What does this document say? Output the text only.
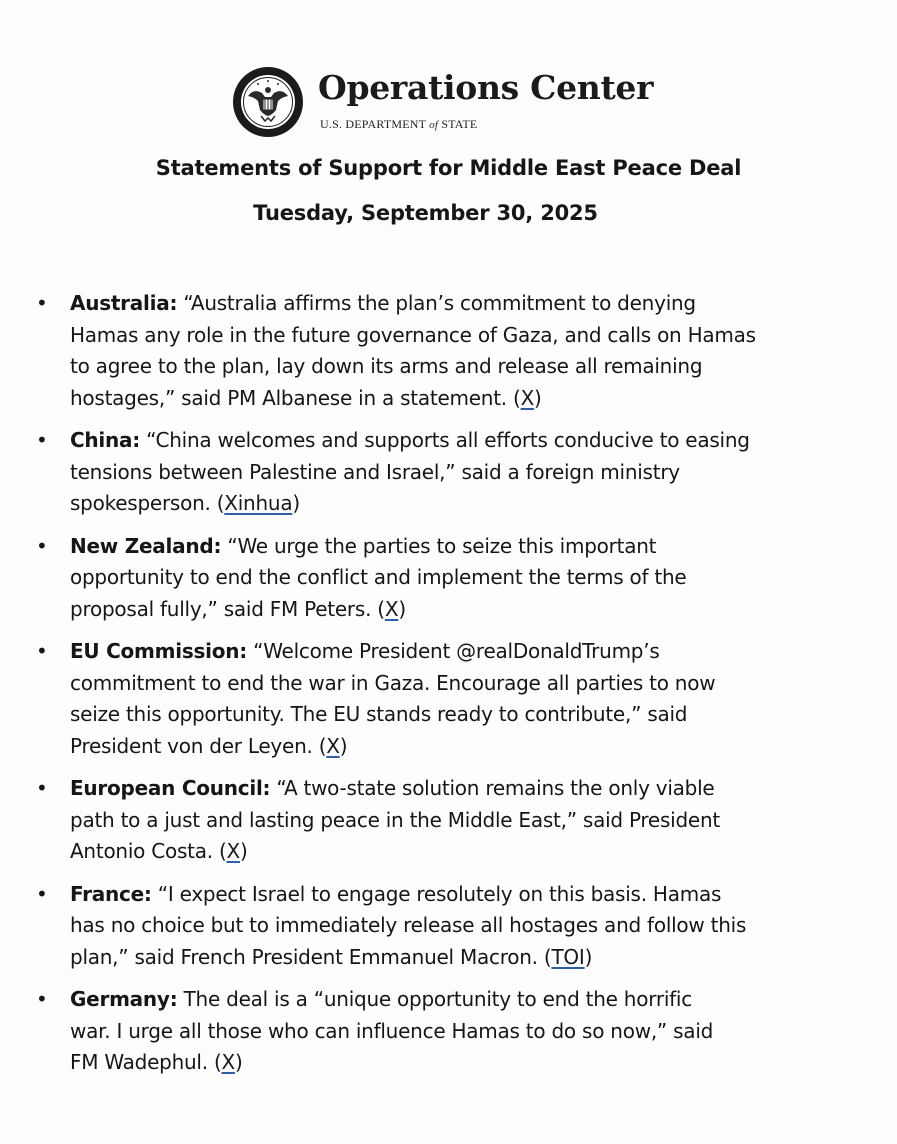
Operations Center
U.S. DEPARTMENT of STATE
Statements of Support for Middle East Peace Deal
Tuesday, September 30, 2025
• Australia: “Australia affirms the plan’s commitment to denying
Hamas any role in the future governance of Gaza, and calls on Hamas
to agree to the plan, lay down its arms and release all remaining
hostages,” said PM Albanese in a statement. (X)
• China: “China welcomes and supports all efforts conducive to easing
tensions between Palestine and Israel,” said a foreign ministry
spokesperson. (Xinhua)
• New Zealand: “We urge the parties to seize this important
opportunity to end the conflict and implement the terms of the
proposal fully,” said FM Peters. (X)
• EU Commission: “Welcome President @realDonaldTrump’s
commitment to end the war in Gaza. Encourage all parties to now
seize this opportunity. The EU stands ready to contribute,” said
President von der Leyen. (X)
• European Council: “A two-state solution remains the only viable
path to a just and lasting peace in the Middle East,” said President
Antonio Costa. (X)
• France: “I expect Israel to engage resolutely on this basis. Hamas
has no choice but to immediately release all hostages and follow this
plan,” said French President Emmanuel Macron. (TOI)
• Germany: The deal is a “unique opportunity to end the horrific
war. I urge all those who can influence Hamas to do so now,” said
FM Wadephul. (X)
